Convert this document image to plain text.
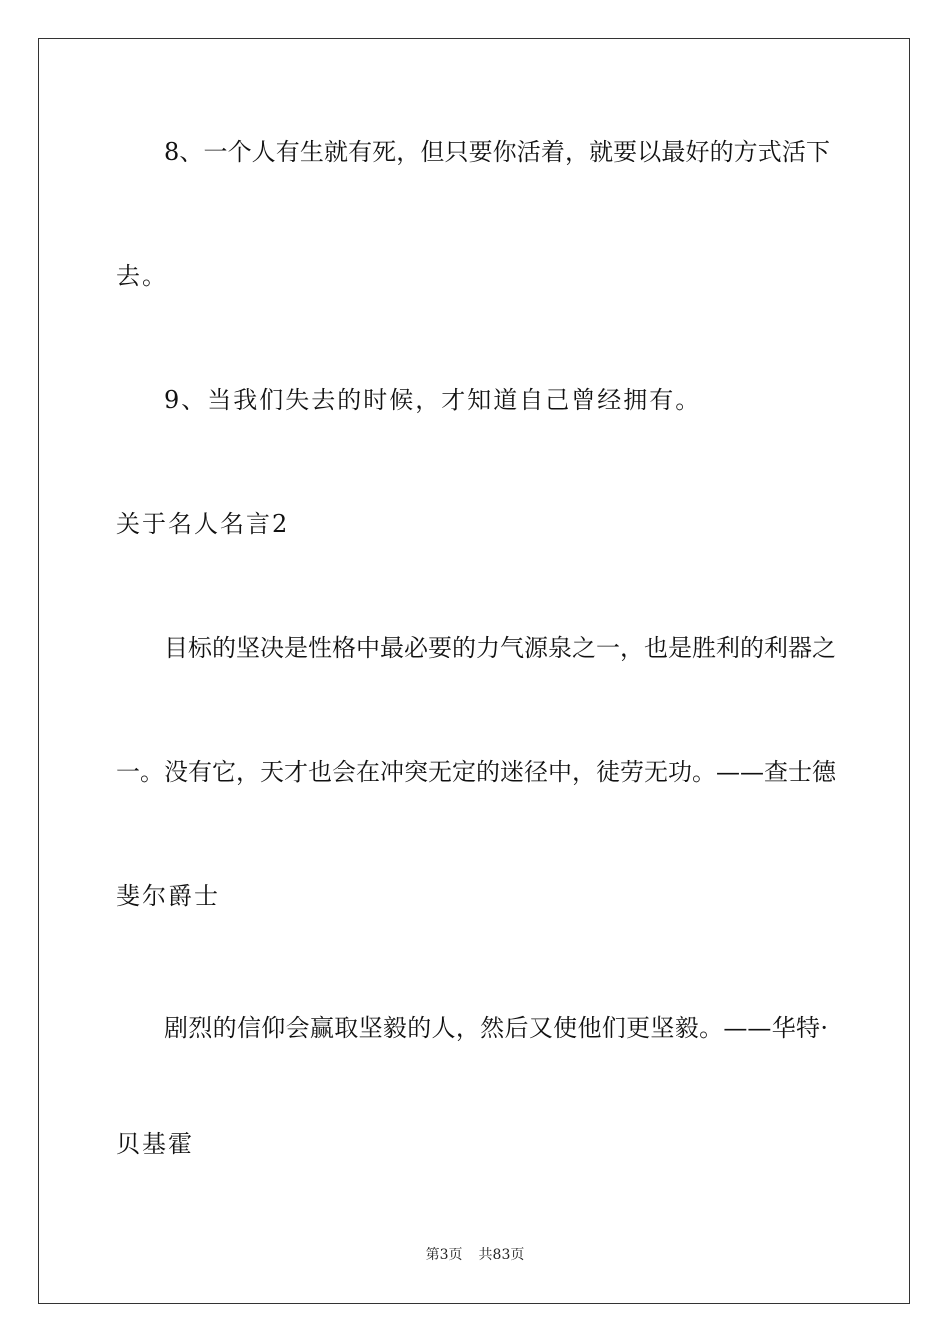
8、一个人有生就有死，但只要你活着，就要以最好的方式活下
去。
9、当我们失去的时候，才知道自己曾经拥有。
关于名人名言2
目标的坚决是性格中最必要的力气源泉之一，也是胜利的利器之
一。没有它，天才也会在冲突无定的迷径中，徒劳无功。——查士德
斐尔爵士
剧烈的信仰会赢取坚毅的人，然后又使他们更坚毅。——华特·
贝基霍
第3页 共83页
